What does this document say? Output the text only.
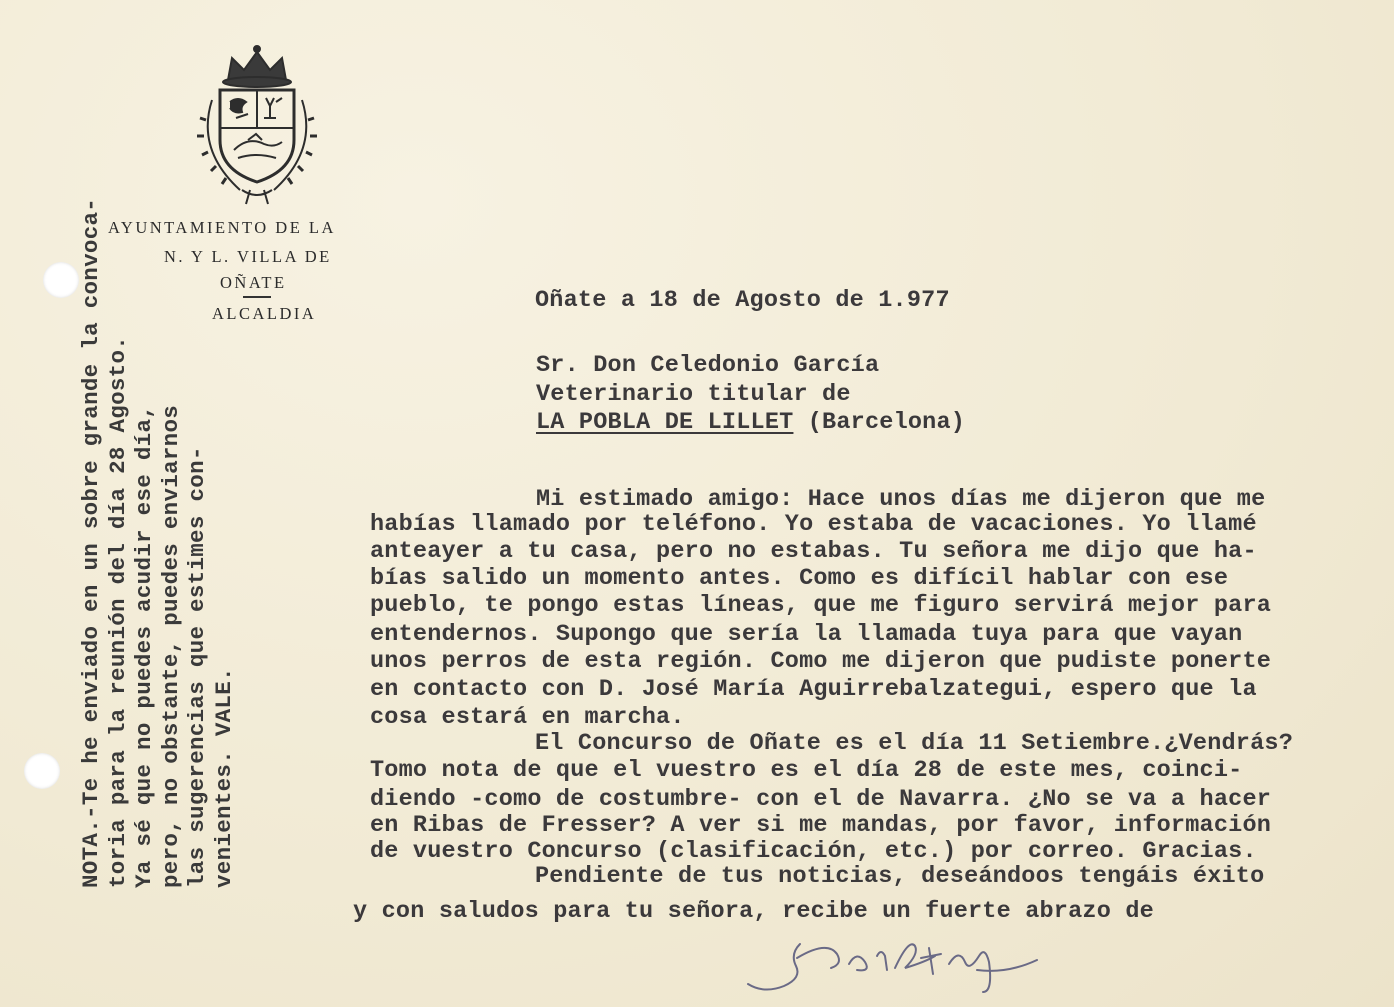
AYUNTAMIENTO DE LA
N. Y L. VILLA DE
OÑATE
ALCALDIA
NOTA.-Te he enviado en un sobre grande la convoca- toria para la reunión del día 28 Agosto. Ya sé que no puedes acudir ese día, pero, no obstante, puedes enviarnos las sugerencias que estimes con- venientes. VALE.
Oñate a 18 de Agosto de 1.977
Sr. Don Celedonio García
Veterinario titular de
LA POBLA DE LILLET (Barcelona)
Mi estimado amigo: Hace unos días me dijeron que me
habías llamado por teléfono. Yo estaba de vacaciones. Yo llamé
anteayer a tu casa, pero no estabas. Tu señora me dijo que ha-
bías salido un momento antes. Como es difícil hablar con ese
pueblo, te pongo estas líneas, que me figuro servirá mejor para
entendernos. Supongo que sería la llamada tuya para que vayan
unos perros de esta región. Como me dijeron que pudiste ponerte
en contacto con D. José María Aguirrebalzategui, espero que la
cosa estará en marcha.
El Concurso de Oñate es el día 11 Setiembre.¿Vendrás?
Tomo nota de que el vuestro es el día 28 de este mes, coinci-
diendo -como de costumbre- con el de Navarra. ¿No se va a hacer
en Ribas de Fresser? A ver si me mandas, por favor, información
de vuestro Concurso (clasificación, etc.) por correo. Gracias.
Pendiente de tus noticias, deseándoos tengáis éxito
y con saludos para tu señora, recibe un fuerte abrazo de
